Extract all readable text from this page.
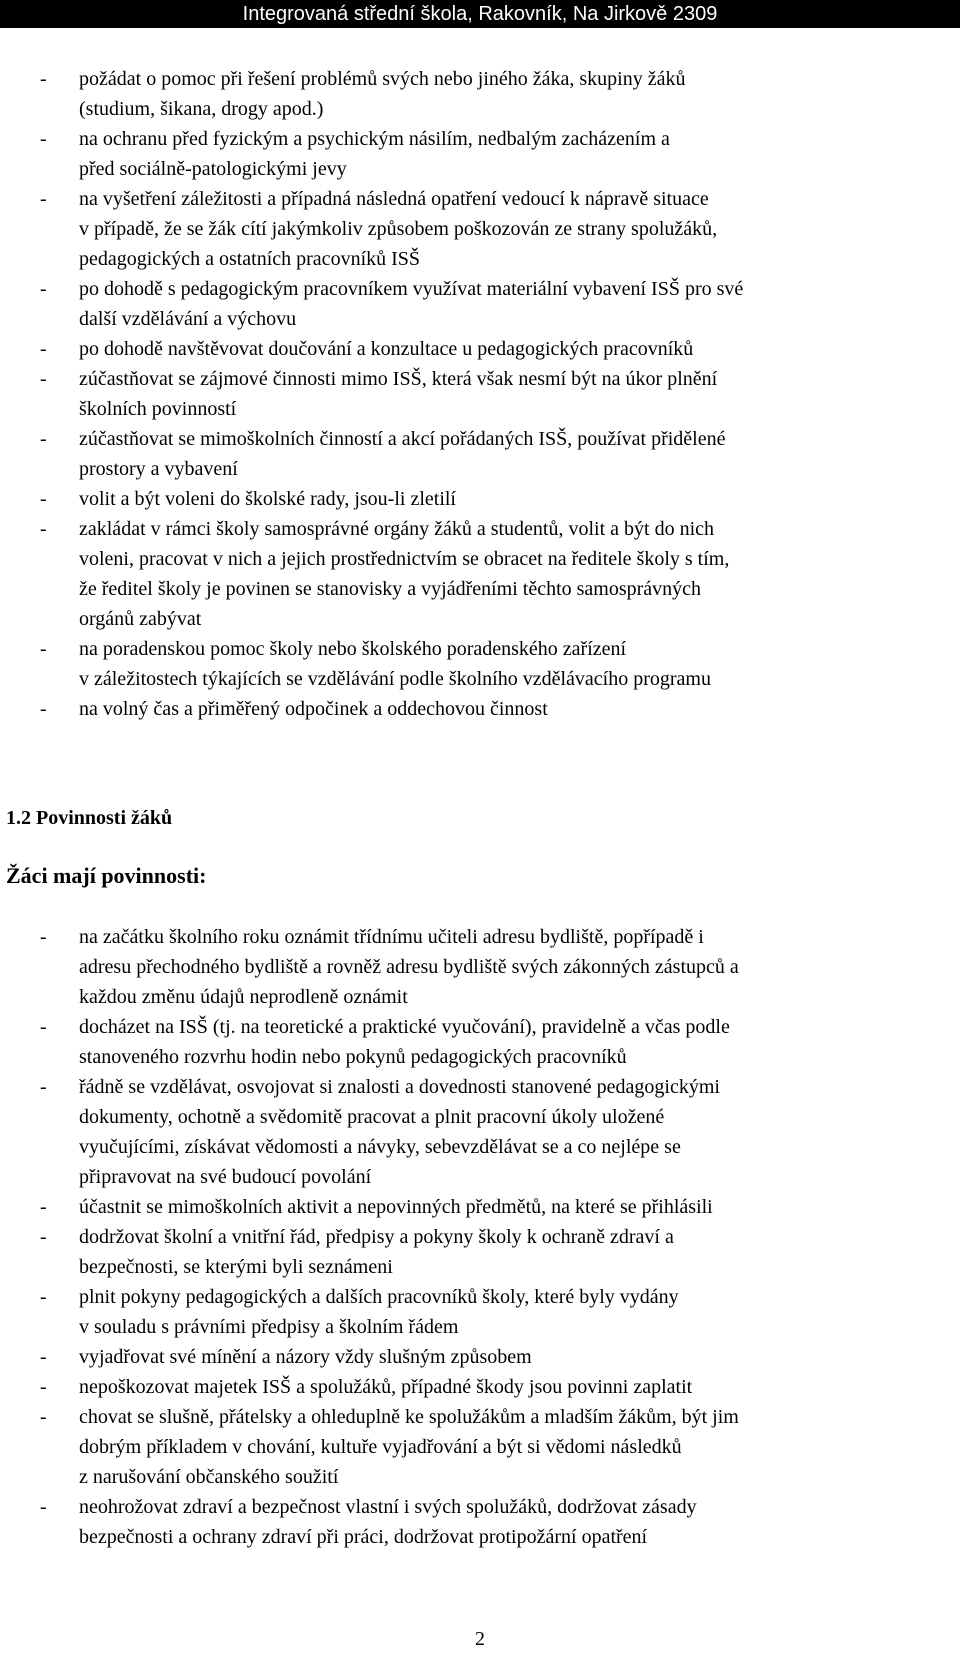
Integrovaná střední škola, Rakovník, Na Jirkově 2309
- požádat o pomoc při řešení problémů svých nebo jiného žáka, skupiny žáků
(studium, šikana, drogy apod.)
- na ochranu před fyzickým a psychickým násilím, nedbalým zacházením a
před sociálně-patologickými jevy
- na vyšetření záležitosti a případná následná opatření vedoucí k nápravě situace
v případě, že se žák cítí jakýmkoliv způsobem poškozován ze strany spolužáků,
pedagogických a ostatních pracovníků ISŠ
- po dohodě s pedagogickým pracovníkem využívat materiální vybavení ISŠ pro své
další vzdělávání a výchovu
- po dohodě navštěvovat doučování a konzultace u pedagogických pracovníků
- zúčastňovat se zájmové činnosti mimo ISŠ, která však nesmí být na úkor plnění
školních povinností
- zúčastňovat se mimoškolních činností a akcí pořádaných ISŠ, používat přidělené
prostory a vybavení
- volit a být voleni do školské rady, jsou-li zletilí
- zakládat v rámci školy samosprávné orgány žáků a studentů, volit a být do nich
voleni, pracovat v nich a jejich prostřednictvím se obracet na ředitele školy s tím,
že ředitel školy je povinen se stanovisky a vyjádřeními těchto samosprávných
orgánů zabývat
- na poradenskou pomoc školy nebo školského poradenského zařízení
v záležitostech týkajících se vzdělávání podle školního vzdělávacího programu
- na volný čas a přiměřený odpočinek a oddechovou činnost
1.2 Povinnosti žáků
Žáci mají povinnosti:
- na začátku školního roku oznámit třídnímu učiteli adresu bydliště, popřípadě i
adresu přechodného bydliště a rovněž adresu bydliště svých zákonných zástupců a
každou změnu údajů neprodleně oznámit
- docházet na ISŠ (tj. na teoretické a praktické vyučování), pravidelně a včas podle
stanoveného rozvrhu hodin nebo pokynů pedagogických pracovníků
- řádně se vzdělávat, osvojovat si znalosti a dovednosti stanovené pedagogickými
dokumenty, ochotně a svědomitě pracovat a plnit pracovní úkoly uložené
vyučujícími, získávat vědomosti a návyky, sebevzdělávat se a co nejlépe se
připravovat na své budoucí povolání
- účastnit se mimoškolních aktivit a nepovinných předmětů, na které se přihlásili
- dodržovat školní a vnitřní řád, předpisy a pokyny školy k ochraně zdraví a
bezpečnosti, se kterými byli seznámeni
- plnit pokyny pedagogických a dalších pracovníků školy, které byly vydány
v souladu s právními předpisy a školním řádem
- vyjadřovat své mínění a názory vždy slušným způsobem
- nepoškozovat majetek ISŠ a spolužáků, případné škody jsou povinni zaplatit
- chovat se slušně, přátelsky a ohleduplně ke spolužákům a mladším žákům, být jim
dobrým příkladem v chování, kultuře vyjadřování a být si vědomi následků
z narušování občanského soužití
- neohrožovat zdraví a bezpečnost vlastní i svých spolužáků, dodržovat zásady
bezpečnosti a ochrany zdraví při práci, dodržovat protipožární opatření
2
